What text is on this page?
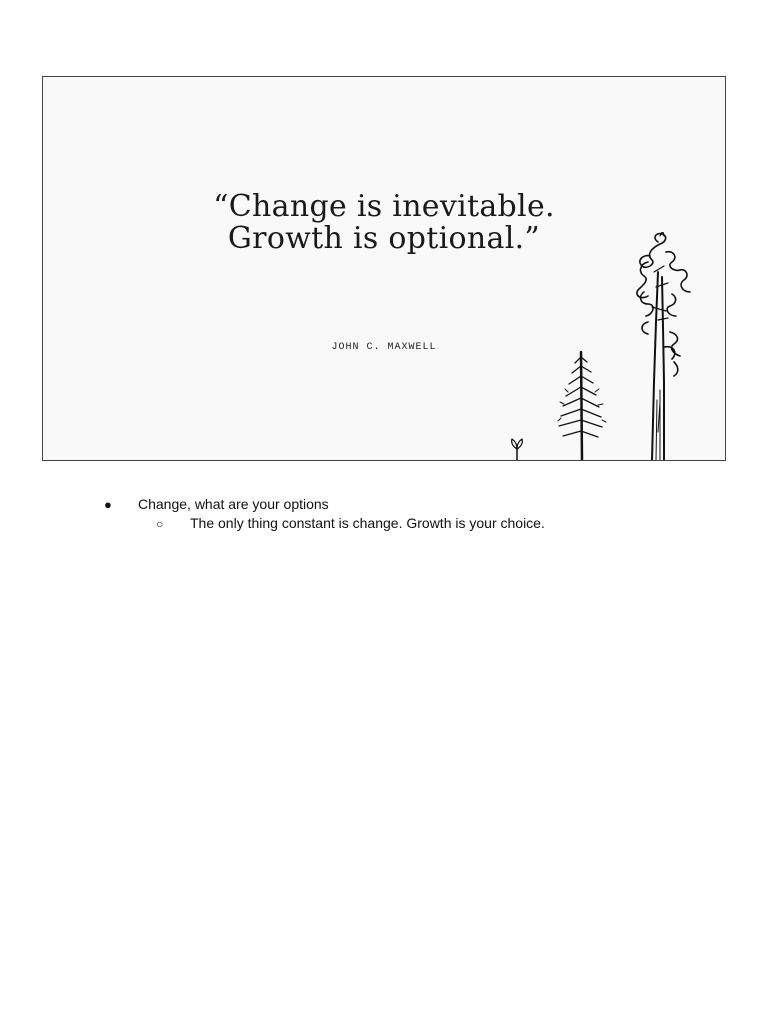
“Change is inevitable.
Growth is optional.”
JOHN C. MAXWELL
● Change, what are your options
○ The only thing constant is change. Growth is your choice.
